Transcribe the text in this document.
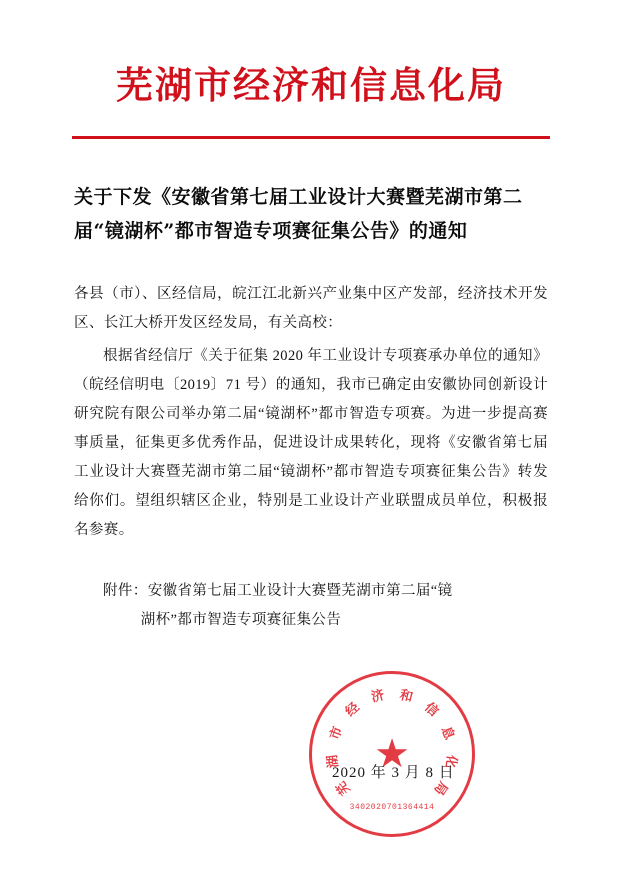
芜湖市经济和信息化局
关于下发《安徽省第七届工业设计大赛暨芜湖市第二届“镜湖杯”都市智造专项赛征集公告》的通知
各县（市）、区经信局，皖江江北新兴产业集中区产发部，经济技术开发区、长江大桥开发区经发局，有关高校：
根据省经信厅《关于征集 2020 年工业设计专项赛承办单位的通知》（皖经信明电〔2019〕71 号）的通知，我市已确定由安徽协同创新设计研究院有限公司举办第二届“镜湖杯”都市智造专项赛。为进一步提高赛事质量，征集更多优秀作品，促进设计成果转化，现将《安徽省第七届工业设计大赛暨芜湖市第二届“镜湖杯”都市智造专项赛征集公告》转发给你们。望组织辖区企业，特别是工业设计产业联盟成员单位，积极报名参赛。
附件：安徽省第七届工业设计大赛暨芜湖市第二届“镜
湖杯”都市智造专项赛征集公告
2020 年 3 月 8 日
芜
湖
市
经
济 和
信
息
化
局
★
3402020701364414
